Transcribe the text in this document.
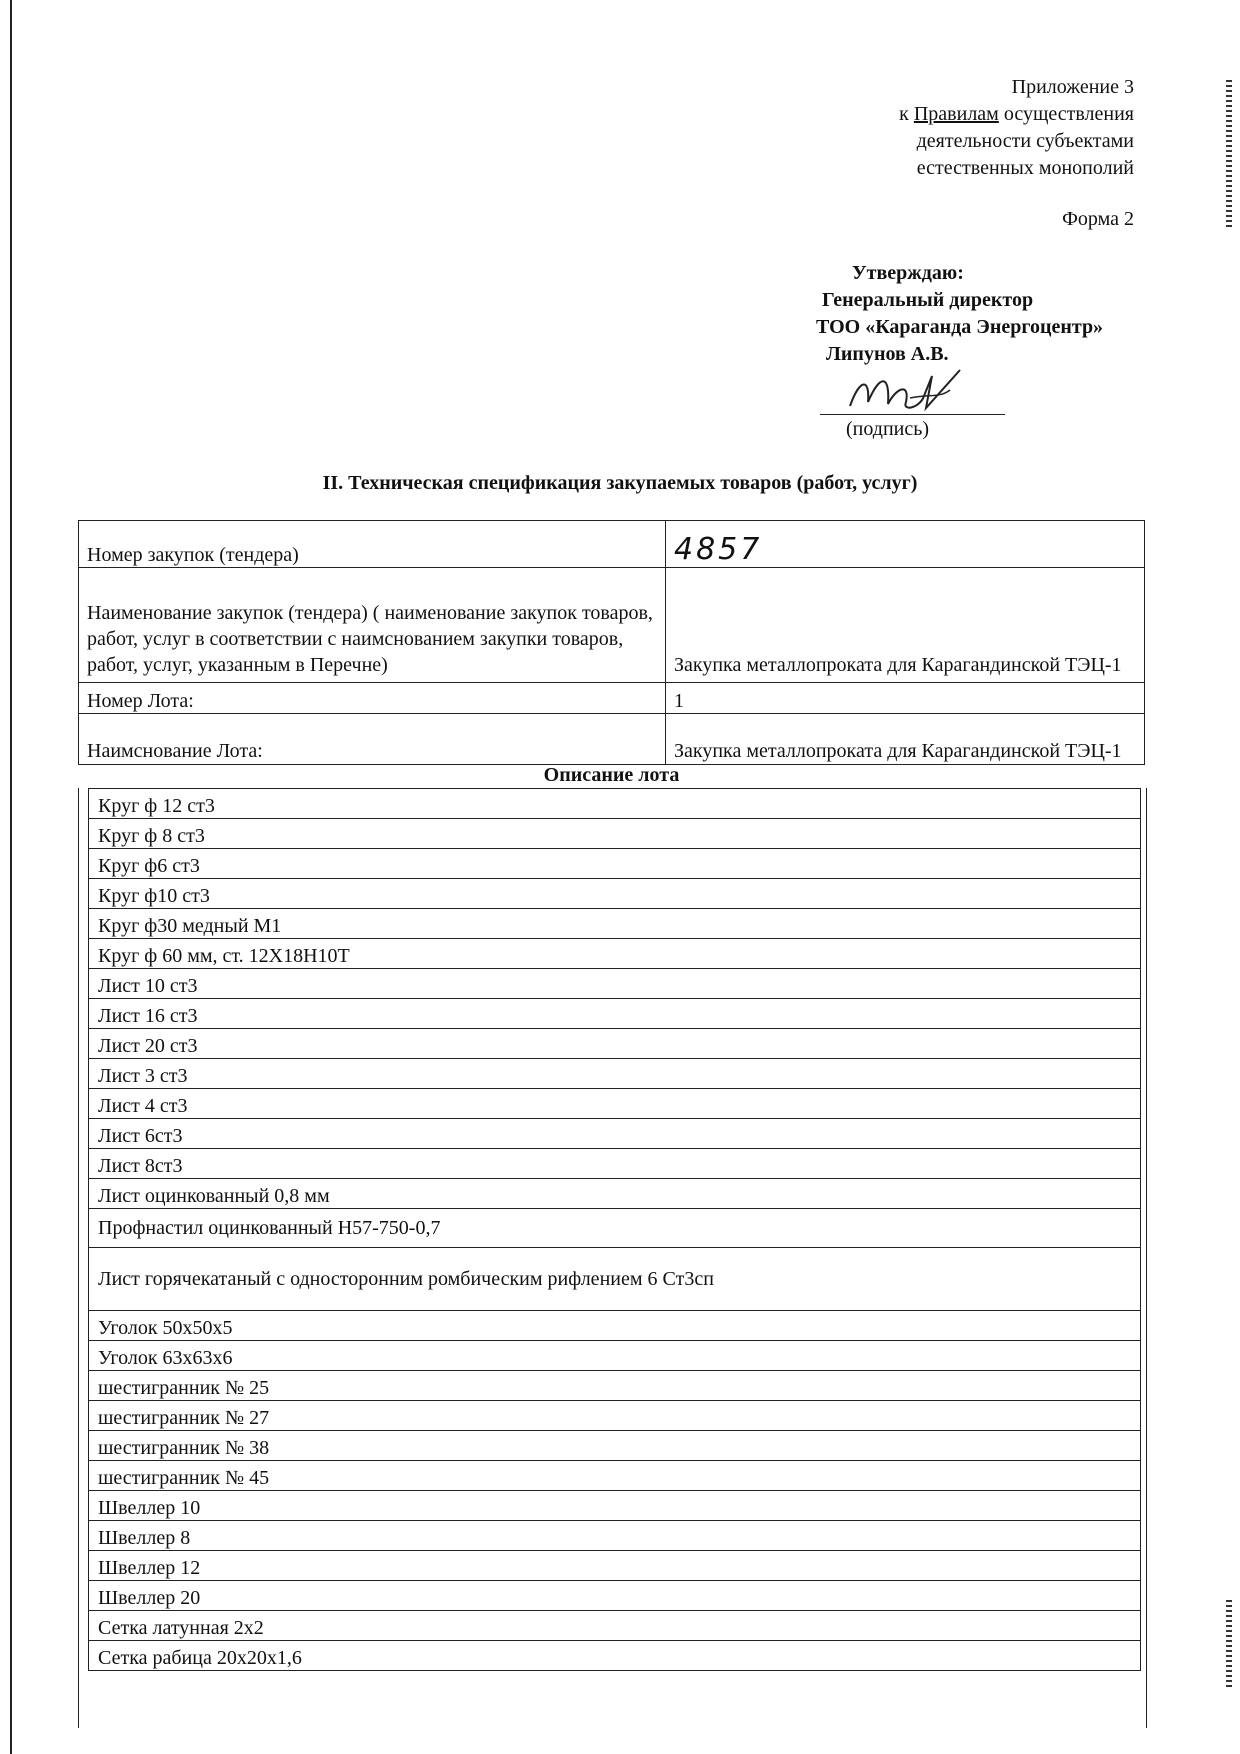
Приложение 3
к Правилам осуществления
деятельности субъектами
естественных монополий
Форма 2
Утверждаю:
Генеральный директор
ТОО «Караганда Энергоцентр»
Липунов А.В.
(подпись)
II. Техническая спецификация закупаемых товаров (работ, услуг)
Номер закупок (тендера)	4857
Наименование закупок (тендера) ( наименование закупок товаров, работ, услуг в соответствии с наимснованием закупки товаров, работ, услуг, указанным в Перечне)	Закупка металлопроката для Карагандинской ТЭЦ-1
Номер Лота:	1
Наимснование Лота:	Закупка металлопроката для Карагандинской ТЭЦ-1
Описание лота
Круг ф 12 ст3
Круг ф 8 ст3
Круг ф6 ст3
Круг ф10 ст3
Круг ф30 медный М1
Круг ф 60 мм, ст. 12Х18Н10Т
Лист 10 ст3
Лист 16 ст3
Лист 20 ст3
Лист 3 ст3
Лист 4 ст3
Лист 6ст3
Лист 8ст3
Лист оцинкованный 0,8 мм
Профнастил оцинкованный Н57-750-0,7
Лист горячекатаный с односторонним ромбическим рифлением 6 Ст3сп
Уголок 50х50х5
Уголок 63х63х6
шестигранник № 25
шестигранник № 27
шестигранник № 38
шестигранник № 45
Швеллер 10
Швеллер 8
Швеллер 12
Швеллер 20
Сетка латунная 2х2
Сетка рабица 20х20х1,6
